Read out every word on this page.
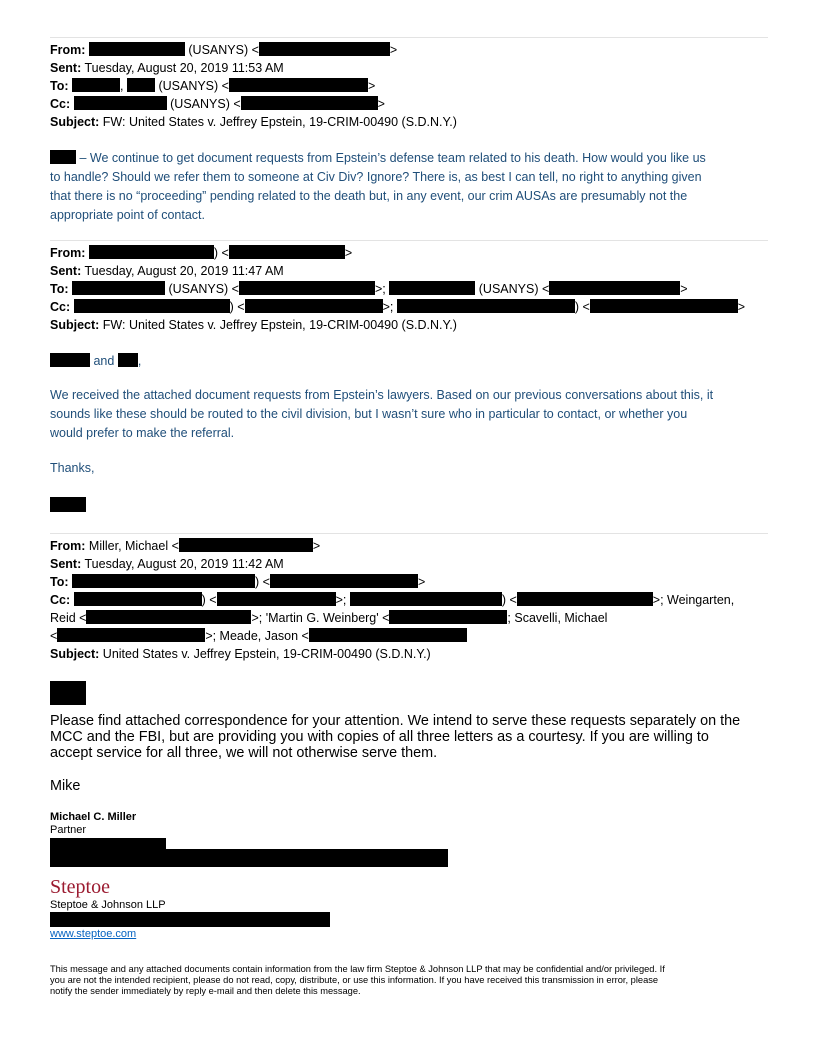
From:	(USANYS) <	>
Sent: Tuesday, August 20, 2019 11:53 AM
To:	,	(USANYS) <	>
Cc:	(USANYS) <	>
Subject: FW: United States v. Jeffrey Epstein, 19-CRIM-00490 (S.D.N.Y.)
– We continue to get document requests from Epstein’s defense team related to his death. How would you like us
to handle? Should we refer them to someone at Civ Div? Ignore? There is, as best I can tell, no right to anything given
that there is no “proceeding” pending related to the death but, in any event, our crim AUSAs are presumably not the
appropriate point of contact.
From:	) <	>
Sent: Tuesday, August 20, 2019 11:47 AM
To:	(USANYS) <	>;	(USANYS) <	>
Cc:	) <	>;	) <	>
Subject: FW: United States v. Jeffrey Epstein, 19-CRIM-00490 (S.D.N.Y.)
and ,
We received the attached document requests from Epstein’s lawyers. Based on our previous conversations about this, it
sounds like these should be routed to the civil division, but I wasn’t sure who in particular to contact, or whether you
would prefer to make the referral.
Thanks,
From: Miller, Michael <	>
Sent: Tuesday, August 20, 2019 11:42 AM
To:	) <	>
Cc:	) <	>;	) <	>; Weingarten,
Reid <	>; 'Martin G. Weinberg' <	; Scavelli, Michael
<	>; Meade, Jason <
Subject: United States v. Jeffrey Epstein, 19-CRIM-00490 (S.D.N.Y.)
Please find attached correspondence for your attention. We intend to serve these requests separately on the
MCC and the FBI, but are providing you with copies of all three letters as a courtesy. If you are willing to
accept service for all three, we will not otherwise serve them.
Mike
Michael C. Miller
Partner
Steptoe
Steptoe & Johnson LLP
www.steptoe.com
This message and any attached documents contain information from the law firm Steptoe & Johnson LLP that may be confidential and/or privileged. If
you are not the intended recipient, please do not read, copy, distribute, or use this information. If you have received this transmission in error, please
notify the sender immediately by reply e-mail and then delete this message.
